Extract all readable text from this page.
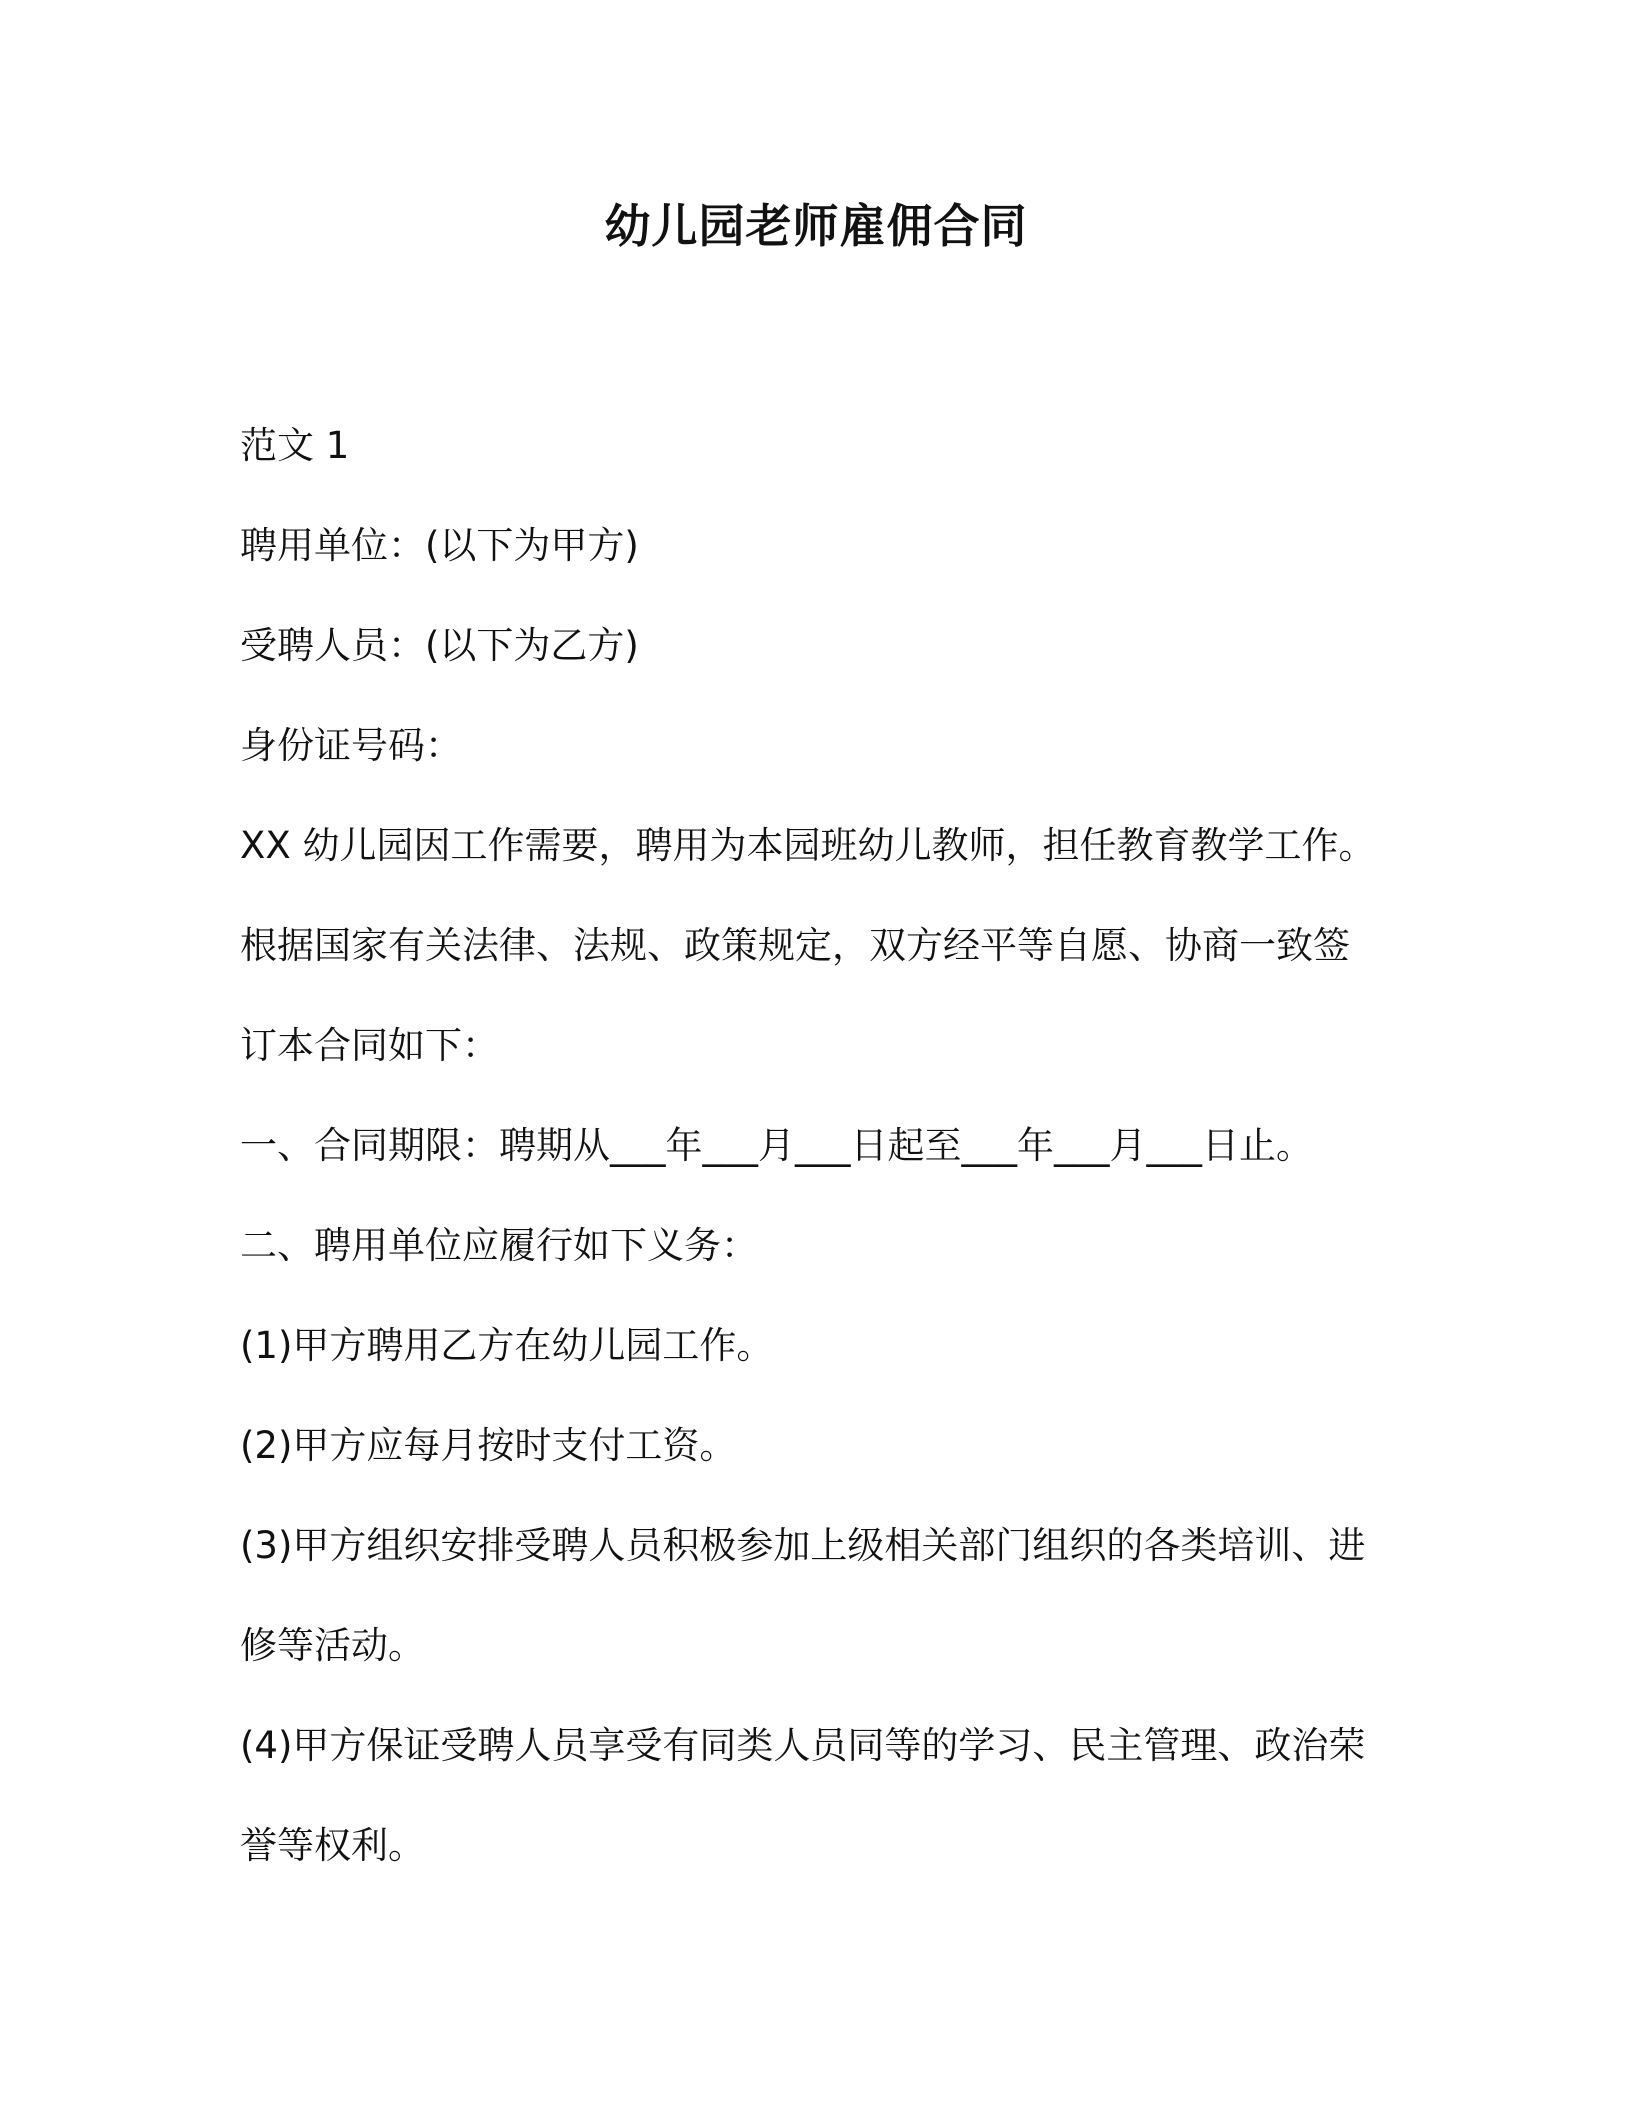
幼儿园老师雇佣合同

范文 1

聘用单位：(以下为甲方)

受聘人员：(以下为乙方)

身份证号码：

XX 幼儿园因工作需要，聘用为本园班幼儿教师，担任教育教学工作。

根据国家有关法律、法规、政策规定，双方经平等自愿、协商一致签

订本合同如下：

一、合同期限：聘期从___年___月___日起至___年___月___日止。

二、聘用单位应履行如下义务：

(1)甲方聘用乙方在幼儿园工作。

(2)甲方应每月按时支付工资。

(3)甲方组织安排受聘人员积极参加上级相关部门组织的各类培训、进

修等活动。

(4)甲方保证受聘人员享受有同类人员同等的学习、民主管理、政治荣

誉等权利。
